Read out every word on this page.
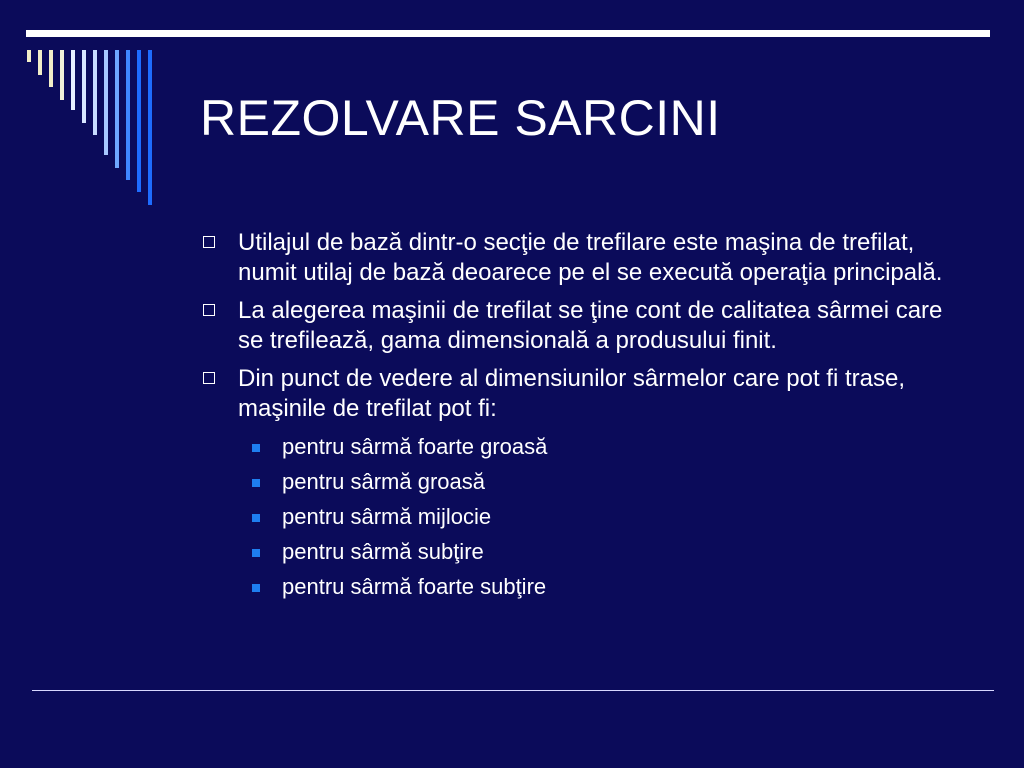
REZOLVARE SARCINI
Utilajul de bază dintr-o secţie de trefilare este maşina de trefilat, numit utilaj de bază deoarece pe el se execută operaţia principală.
La alegerea maşinii de trefilat se ţine cont de calitatea sârmei care se trefilează, gama dimensională a produsului finit.
Din punct de vedere al dimensiunilor sârmelor care pot fi trase, maşinile de trefilat pot fi:
pentru sârmă foarte groasă
pentru sârmă groasă
pentru sârmă mijlocie
pentru sârmă subţire
pentru sârmă foarte subţire
